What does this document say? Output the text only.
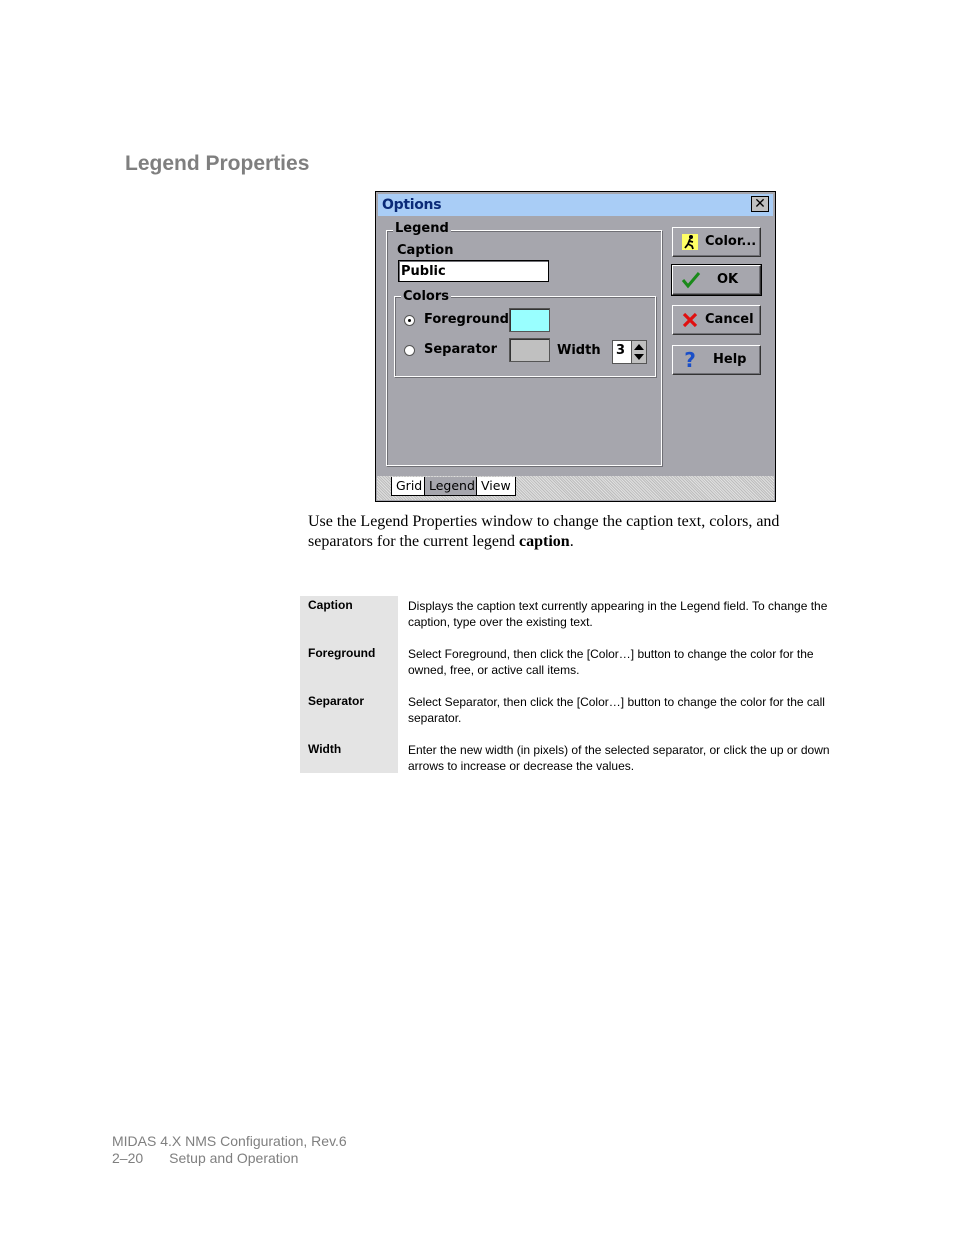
Legend Properties
Options	✕
Legend
Caption
Public
Colors
Foreground
Separator	Width 3
Color...
OK
Cancel
? Help
Grid Legend View
Use the Legend Properties window to change the caption text, colors, and separators for the current legend caption.
Caption	Displays the caption text currently appearing in the Legend field. To change the caption, type over the existing text.
Foreground	Select Foreground, then click the [Color…] button to change the color for the owned, free, or active call items.
Separator	Select Separator, then click the [Color…] button to change the color for the call separator.
Width	Enter the new width (in pixels) of the selected separator, or click the up or down arrows to increase or decrease the values.
MIDAS 4.X NMS Configuration, Rev.6
2–20 Setup and Operation
